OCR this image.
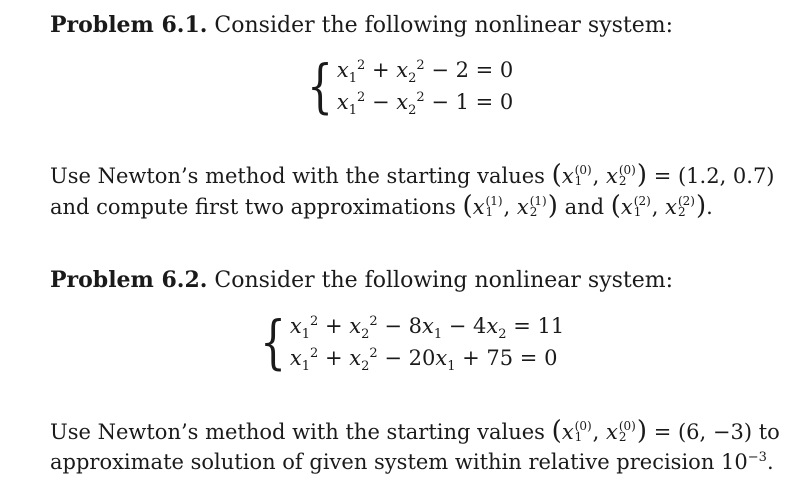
Problem 6.1. Consider the following nonlinear system:
{ $x_1^2 + x_2^2 - 2 = 0$
$x_1^2 - x_2^2 - 1 = 0$
Use Newton’s method with the starting values (x (0)
1 , x (0)
2 ) = (1.2, 0.7)
and compute first two approximations (x (1)
1 , x (1)
2 ) and (x (2)
1 , x (2)
2 ).
Problem 6.2. Consider the following nonlinear system:
{ $x_1^2 + x_2^2 - 8x_1 - 4x_2 = 11$
$x_1^2 + x_2^2 - 20x_1 + 75 = 0$
Use Newton’s method with the starting values (x (0)
1 , x (0)
2 ) = (6, −3) to
approximate solution of given system within relative precision $10^{-3}$.
